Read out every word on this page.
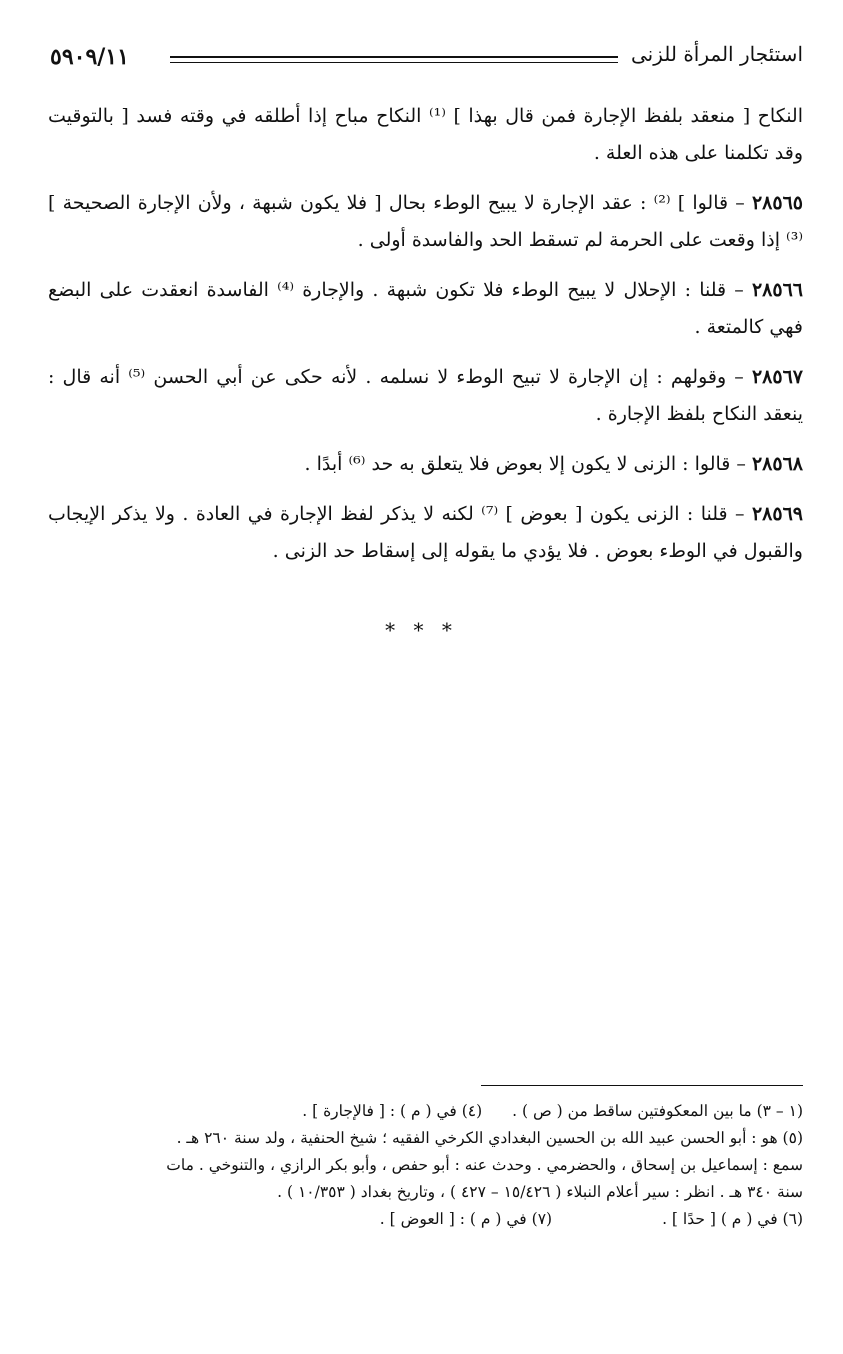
٥٩٠٩/١١	استئجار المرأة للزنى

النكاح [ منعقد بلفظ الإجارة فمن قال بهذا ] ⁽¹⁾ النكاح مباح إذا أطلقه في وقته فسد [ بالتوقيت وقد تكلمنا على هذه العلة .

٢٨٥٦٥ – قالوا ] ⁽²⁾ : عقد الإجارة لا يبيح الوطء بحال [ فلا يكون شبهة ، ولأن الإجارة الصحيحة ] ⁽³⁾ إذا وقعت على الحرمة لم تسقط الحد والفاسدة أولى .

٢٨٥٦٦ – قلنا : الإحلال لا يبيح الوطء فلا تكون شبهة . والإجارة ⁽⁴⁾ الفاسدة انعقدت على البضع فهي كالمتعة .

٢٨٥٦٧ – وقولهم : إن الإجارة لا تبيح الوطء لا نسلمه . لأنه حكى عن أبي الحسن ⁽⁵⁾ أنه قال : ينعقد النكاح بلفظ الإجارة .

٢٨٥٦٨ – قالوا : الزنى لا يكون إلا بعوض فلا يتعلق به حد ⁽⁶⁾ أبدًا .

٢٨٥٦٩ – قلنا : الزنى يكون [ بعوض ] ⁽⁷⁾ لكنه لا يذكر لفظ الإجارة في العادة . ولا يذكر الإيجاب والقبول في الوطء بعوض . فلا يؤدي ما يقوله إلى إسقاط حد الزنى .

* * *

(١ – ٣) ما بين المعكوفتين ساقط من ( ص ) .(٤) في ( م ) : [ فالإجارة ] .

(٥) هو : أبو الحسن عبيد الله بن الحسين البغدادي الكرخي الفقيه ؛ شيخ الحنفية ، ولد سنة ٢٦٠ هـ .

سمع : إسماعيل بن إسحاق ، والحضرمي . وحدث عنه : أبو حفص ، وأبو بكر الرازي ، والتنوخي . مات

سنة ٣٤٠ هـ . انظر : سير أعلام النبلاء ( ١٥/٤٢٦ – ٤٢٧ ) ، وتاريخ بغداد ( ١٠/٣٥٣ ) .

(٦) في ( م ) [ حدًا ] .(٧) في ( م ) : [ العوض ] .
